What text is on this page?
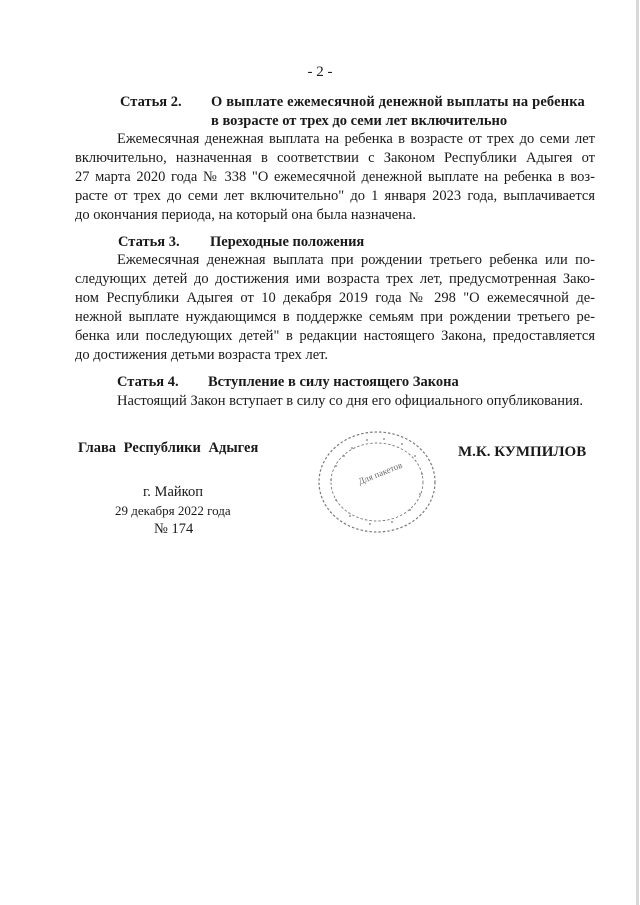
- 2 -
Статья 2. О выплате ежемесячной денежной выплаты на ребенка
в возрасте от трех до семи лет включительно
Ежемесячная денежная выплата на ребенка в возрасте от трех до семи лет
включительно, назначенная в соответствии с Законом Республики Адыгея от
27 марта 2020 года № 338 "О ежемесячной денежной выплате на ребенка в воз-
расте от трех до семи лет включительно" до 1 января 2023 года, выплачивается
до окончания периода, на который она была назначена.
Статья 3. Переходные положения
Ежемесячная денежная выплата при рождении третьего ребенка или по-
следующих детей до достижения ими возраста трех лет, предусмотренная Зако-
ном Республики Адыгея от 10 декабря 2019 года № 298 "О ежемесячной де-
нежной выплате нуждающимся в поддержке семьям при рождении третьего ре-
бенка или последующих детей" в редакции настоящего Закона, предоставляется
до достижения детьми возраста трех лет.
Статья 4. Вступление в силу настоящего Закона
Настоящий Закон вступает в силу со дня его официального опубликования.
Глава Республики Адыгея	М.К. КУМПИЛОВ
Для пакетов
г. Майкоп
29 декабря 2022 года
№ 174
